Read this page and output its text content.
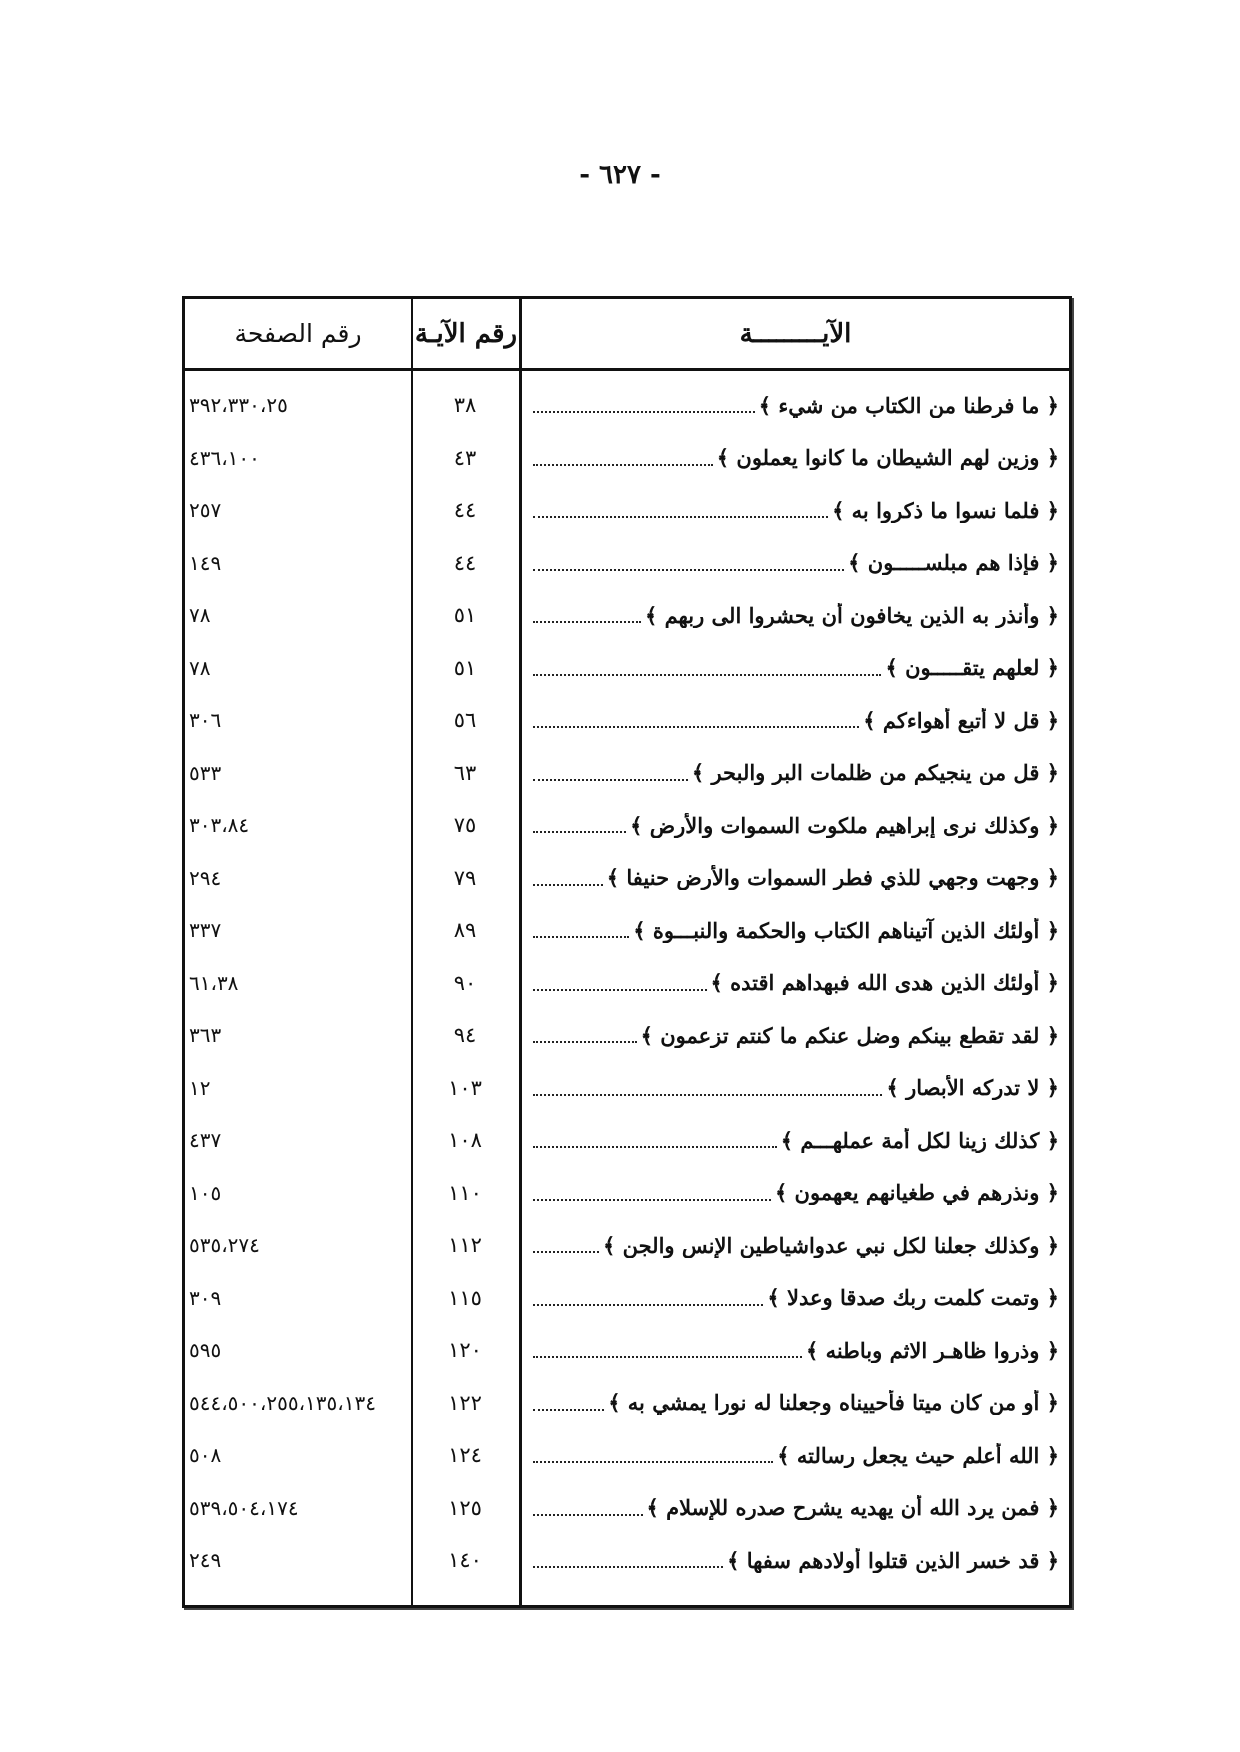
- ٦٢٧ -
الآيـــــــــة
رقم الآيـة
رقم الصفحة
﴿ ما فرطنا من الكتاب من شيء ﴾
٣٨
٣٩٢،٣٣٠،٢٥
﴿ وزين لهم الشيطان ما كانوا يعملون ﴾
٤٣
٤٣٦،١٠٠
﴿ فلما نسوا ما ذكروا به ﴾
٤٤
٢٥٧
﴿ فإذا هم مبلســـــون ﴾
٤٤
١٤٩
﴿ وأنذر به الذين يخافون أن يحشروا الى ربهم ﴾
٥١
٧٨
﴿ لعلهم يتقـــــون ﴾
٥١
٧٨
﴿ قل لا أتبع أهواءكم ﴾
٥٦
٣٠٦
﴿ قل من ينجيكم من ظلمات البر والبحر ﴾
٦٣
٥٣٣
﴿ وكذلك نرى إبراهيم ملكوت السموات والأرض ﴾
٧٥
٣٠٣،٨٤
﴿ وجهت وجهي للذي فطر السموات والأرض حنيفا ﴾
٧٩
٢٩٤
﴿ أولئك الذين آتيناهم الكتاب والحكمة والنبـــوة ﴾
٨٩
٣٣٧
﴿ أولئك الذين هدى الله فبهداهم اقتده ﴾
٩٠
٦١،٣٨
﴿ لقد تقطع بينكم وضل عنكم ما كنتم تزعمون ﴾
٩٤
٣٦٣
﴿ لا تدركه الأبصار ﴾
١٠٣
١٢
﴿ كذلك زينا لكل أمة عملهـــم ﴾
١٠٨
٤٣٧
﴿ ونذرهم في طغيانهم يعهمون ﴾
١١٠
١٠٥
﴿ وكذلك جعلنا لكل نبي عدواشياطين الإنس والجن ﴾
١١٢
٥٣٥،٢٧٤
﴿ وتمت كلمت ربك صدقا وعدلا ﴾
١١٥
٣٠٩
﴿ وذروا ظاهـر الاثم وباطنه ﴾
١٢٠
٥٩٥
﴿ أو من كان ميتا فأحييناه وجعلنا له نورا يمشي به ﴾
١٢٢
٥٤٤،٥٠٠،٢٥٥،١٣٥،١٣٤
﴿ الله أعلم حيث يجعل رسالته ﴾
١٢٤
٥٠٨
﴿ فمن يرد الله أن يهديه يشرح صدره للإسلام ﴾
١٢٥
٥٣٩،٥٠٤،١٧٤
﴿ قد خسر الذين قتلوا أولادهم سفها ﴾
١٤٠
٢٤٩
